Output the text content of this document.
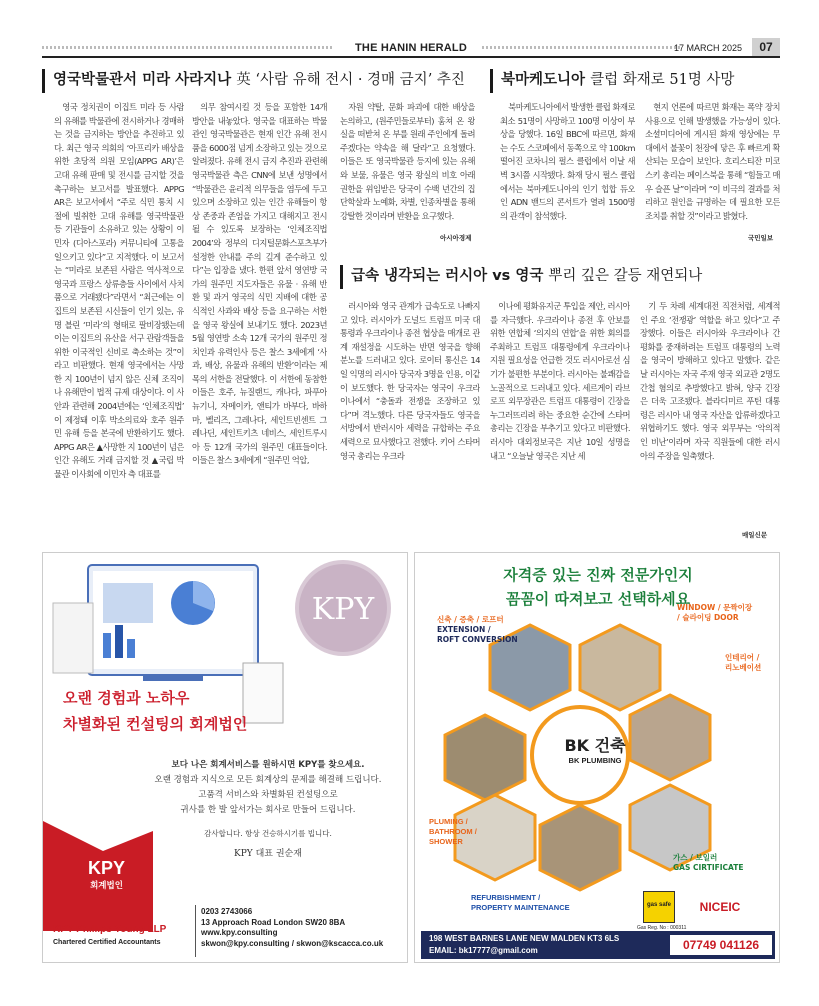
THE HANIN HERALD	17 MARCH 2025	07
영국박물관서 미라 사라지나 英 ‘사람 유해 전시 · 경매 금지’ 추진

영국 정치권이 이집트 미라 등 사람의 유해를 박물관에 전시하거나 경매하는 것을 금지하는 방안을 추진하고 있다. 최근 영국 의회의 ‘아프리카 배상을 위한 초당적 의원 모임(APPG AR)’은 고대 유해 판매 및 전시를 금지할 것을 촉구하는 보고서를 발표했다. APPG AR은 보고서에서 “주로 식민 통치 시절에 빌취한 고대 유해를 영국박물관 등 기관들이 소유하고 있는 상황이 이민자 (디아스포라) 커뮤니티에 고통을 일으키고 있다”고 지적했다. 이 보고서는 “미라로 보존된 사람은 역사적으로 영국과 프랑스 상류층들 사이에서 사치품으로 거래됐다”라면서 “최근에는 이집트의 보존된 시신들이 인기 있는, 유명 블린 ‘미라’의 형태로 팔비장됐는데 이는 이집트의 유산을 서구 관람객들을 위한 이국적인 신비로 축소하는 것”이라고 비판했다. 현재 영국에서는 사망한 지 100년이 넘지 않은 신체 조직이나 유해만이 법적 규제 대상이다. 이 사안과 관련해 2004년에는 ‘인체조직법’ 이 제정돼 이후 박소의료와 호주 원주민 유해 등을 본국에 반환하기도 했다. APPG AR은 ▲사망한 지 100년이 넘은 인간 유해도 거래 금지할 것 ▲국립 박물관 이사회에 이민자 측 대표를

의무 참여시킬 것 등을 포함한 14개 방안을 내놓았다. 영국을 대표하는 박물관인 영국박물관은 현재 인간 유해 전시품을 6000점 넘게 소장하고 있는 것으로 알려졌다. 유해 전시 금지 추진과 관련해 영국박물관 측은 CNN에 보낸 성명에서 “박물관은 윤리적 의무들을 염두에 두고 있으며 소장하고 있는 인간 유해들이 항상 존중과 존엄을 가지고 대해지고 전시될 수 있도록 보장하는 ‘인체조직법 2004’와 정부의 디지털문화스포츠부가 설정한 안내를 주의 깊게 준수하고 있다”는 입장을 냈다. 한편 앞서 영연방 국가의 원주민 지도자들은 유물 · 유해 반환 및 과거 영국의 식민 지배에 대한 공식적인 사과와 배상 등을 요구하는 서한을 영국 왕실에 보내기도 했다. 2023년 5월 영연방 소속 12개 국가의 원주민 정치인과 유력인사 등은 찰스 3세에게 ‘사과, 배상, 유물과 유해의 반환’이라는 제목의 서한을 전달했다. 이 서한에 동참한 이들은 호주, 뉴질랜드, 캐나다, 파푸아뉴기니, 자메이카, 앤티가 바부다, 바하마, 벨리즈, 그레나다, 세인트빈센트 그레나딘, 세인트키츠 네비스, 세인트루시아 등 12개 국가의 원주민 대표들이다. 이들은 찰스 3세에게 “원주민 억압,

자원 약탈, 문화 파괴에 대한 배상을 논의하고, (원주민들로부터) 훔쳐 온 왕실을 떠받쳐 온 부를 원래 주인에게 돌려주겠다는 약속을 해 달라”고 요청했다. 이들은 또 영국박물관 등지에 있는 유해와 보물, 유물은 영국 왕실의 비호 아래 권한을 위임받은 당국이 수백 년간의 집단학살과 노예화, 차별, 인종차별을 통해 강탈한 것이라며 반환을 요구했다.

아시아경제
북마케도니아 클럽 화재로 51명 사망

북마케도니아에서 발생한 클럽 화재로 최소 51명이 사망하고 100명 이상이 부상을 당했다. 16일 BBC에 따르면, 화재는 수도 스코페에서 동쪽으로 약 100km 떨어진 코차니의 펄스 클럽에서 이날 새벽 3시쯤 시작됐다. 화재 당시 펄스 클럽에서는 북마케도니아의 인기 힙합 듀오인 ADN 밴드의 콘서트가 열려 1500명의 관객이 참석했다.

현지 언론에 따르면 화재는 폭약 장치 사용으로 인해 발생했을 가능성이 있다. 소셜미디어에 게시된 화재 영상에는 무대에서 불꽃이 천장에 닿은 후 빠르게 확산되는 모습이 보인다. 흐리스티잔 미코스키 총리는 페이스북을 통해 “힘들고 매우 슬픈 날”이라며 “이 비극의 결과를 처리하고 원인을 규명하는 데 필요한 모든 조치를 취할 것”이라고 밝혔다.

국민일보
급속 냉각되는 러시아 vs 영국 뿌리 깊은 갈등 재연되나

러시아와 영국 관계가 급속도로 나빠지고 있다. 러시아가 도널드 트럼프 미국 대통령과 우크라이나 종전 협상을 매개로 관계 재설정을 시도하는 반면 영국을 향해 분노를 드러내고 있다. 로이터 통신은 14일 익명의 러시아 당국자 3명을 인용, 이같이 보도했다. 한 당국자는 영국이 우크라이나에서 “충돌과 전쟁을 조장하고 있다”며 격노했다. 다른 당국자들도 영국을 서방에서 반러시아 세력을 규합하는 주요 세력으로 묘사했다고 전했다. 키어 스타머 영국 총리는 우크라

이나에 평화유지군 투입을 제안, 러시아를 자극했다. 우크라이나 종전 후 안보를 위한 연합체 ‘의지의 연합’을 위한 회의를 주최하고 트럼프 대통령에게 우크라이나 지원 필요성을 언급한 것도 러시아로선 심기가 불편한 부분이다. 러시아는 불쾌감을 노골적으로 드러내고 있다. 세르게이 라브로프 외무장관은 트럼프 대통령이 긴장을 누그러뜨리려 하는 중요한 순간에 스타머 총리는 긴장을 부추기고 있다고 비판했다. 러시아 대외정보국은 지난 10일 성명을 내고 “오늘날 영국은 지난 세

기 두 차례 세계대전 직전처럼, 세계적인 주요 ‘전쟁광’ 역할을 하고 있다”고 주장했다. 이들은 러시아와 우크라이나 간 평화를 중재하려는 트럼프 대통령의 노력을 영국이 방해하고 있다고 말했다. 같은 날 러시아는 자국 주재 영국 외교관 2명도 간첩 혐의로 추방했다고 밝혀, 양국 긴장은 더욱 고조됐다. 블라디미르 푸틴 대통령은 러시아 내 영국 자산을 압류하겠다고 위협하기도 했다. 영국 외무부는 ‘악의적인 비난’이라며 자국 직원들에 대한 러시아의 주장을 일축했다.

매일신문
KPY
오랜 경험과 노하우
차별화된 컨설팅의 회계법인
보다 나은 회계서비스를 원하시면 KPY를 찾으세요.
오랜 경험과 지식으로 모든 회계상의 문제를 해결해 드립니다.
고품격 서비스와 차별화된 컨설팅으로
귀사를 한 발 앞서가는 회사로 만들어 드립니다.
감사합니다. 항상 건승하시기를 빕니다.
KPY 대표 권순재
KPY
회계법인
KPY Phillips Young LLP
Chartered Certified Accountants
0203 2743066
13 Approach Road London SW20 8BA
www.kpy.consulting
skwon@kpy.consulting / skwon@kscacca.co.uk
자격증 있는 진짜 전문가인지
꼼꼼이 따져보고 선택하세요
BK 건축
BK PLUMBING
신축 / 증축 / 로프터
EXTENSION /
ROFT CONVERSION
WINDOW / 문짝이장
/ 슬라이딩 DOOR
인테리어 /
리노베이션
PLUMING /
BATHROOM /
SHOWER
가스 / 보일러
GAS CIRTIFICATE
REFURBISHMENT /
PROPERTY MAINTENANCE	gas safe
Gas Reg. No : 000311
NICEIC
198 WEST BARNES LANE NEW MALDEN KT3 6LS
EMAIL: bk17777@gmail.com	07749 041126
